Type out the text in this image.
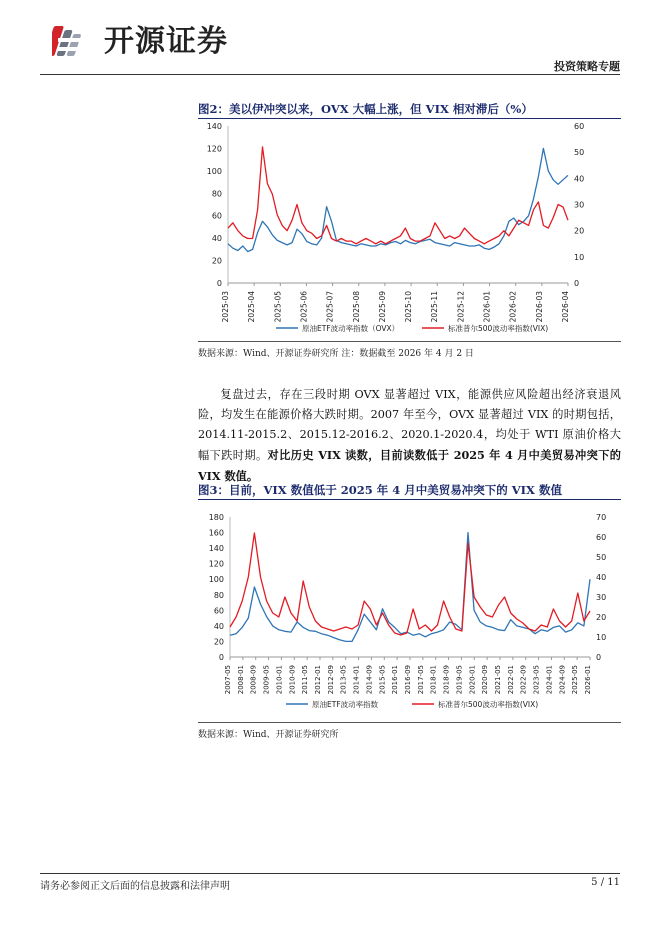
开源证券
投资策略专题
图2：美以伊冲突以来，OVX 大幅上涨，但 VIX 相对滞后（%）
0
20
40
60
80
100
120
140
0
10
20
30
40
50
60
2025-03 2025-04 2025-05 2025-06 2025-07 2025-08 2025-09 2025-10 2025-11 2025-12 2026-01 2026-02 2026-03 2026-04
原油ETF波动率指数（OVX）	标准普尔500波动率指数(VIX)
数据来源：Wind、开源证券研究所 注：数据截至 2026 年 4 月 2 日

复盘过去，存在三段时期 OVX 显著超过 VIX，能源供应风险超出经济衰退风险，均发生在能源价格大跌时期。2007 年至今，OVX 显著超过 VIX 的时期包括，2014.11-2015.2、2015.12-2016.2、2020.1-2020.4，均处于 WTI 原油价格大幅下跌时期。对比历史 VIX 读数，目前读数低于 2025 年 4 月中美贸易冲突下的 VIX 数值。

图3：目前，VIX 数值低于 2025 年 4 月中美贸易冲突下的 VIX 数值
0
20
40
60
80
100
120
140
160
180
0
10
20
30
40
50
60
70
2007-05 2008-01 2008-09 2009-05 2010-01 2010-09 2011-05 2012-01 2012-09 2013-05 2014-01 2014-09 2015-05 2016-01 2016-09 2017-05 2018-01 2018-09 2019-05 2020-01 2020-09 2021-05 2022-01 2022-09 2023-05 2024-01 2024-09 2025-05 2026-01
原油ETF波动率指数	标准普尔500波动率指数(VIX)
数据来源：Wind、开源证券研究所
请务必参阅正文后面的信息披露和法律声明	5 / 11
